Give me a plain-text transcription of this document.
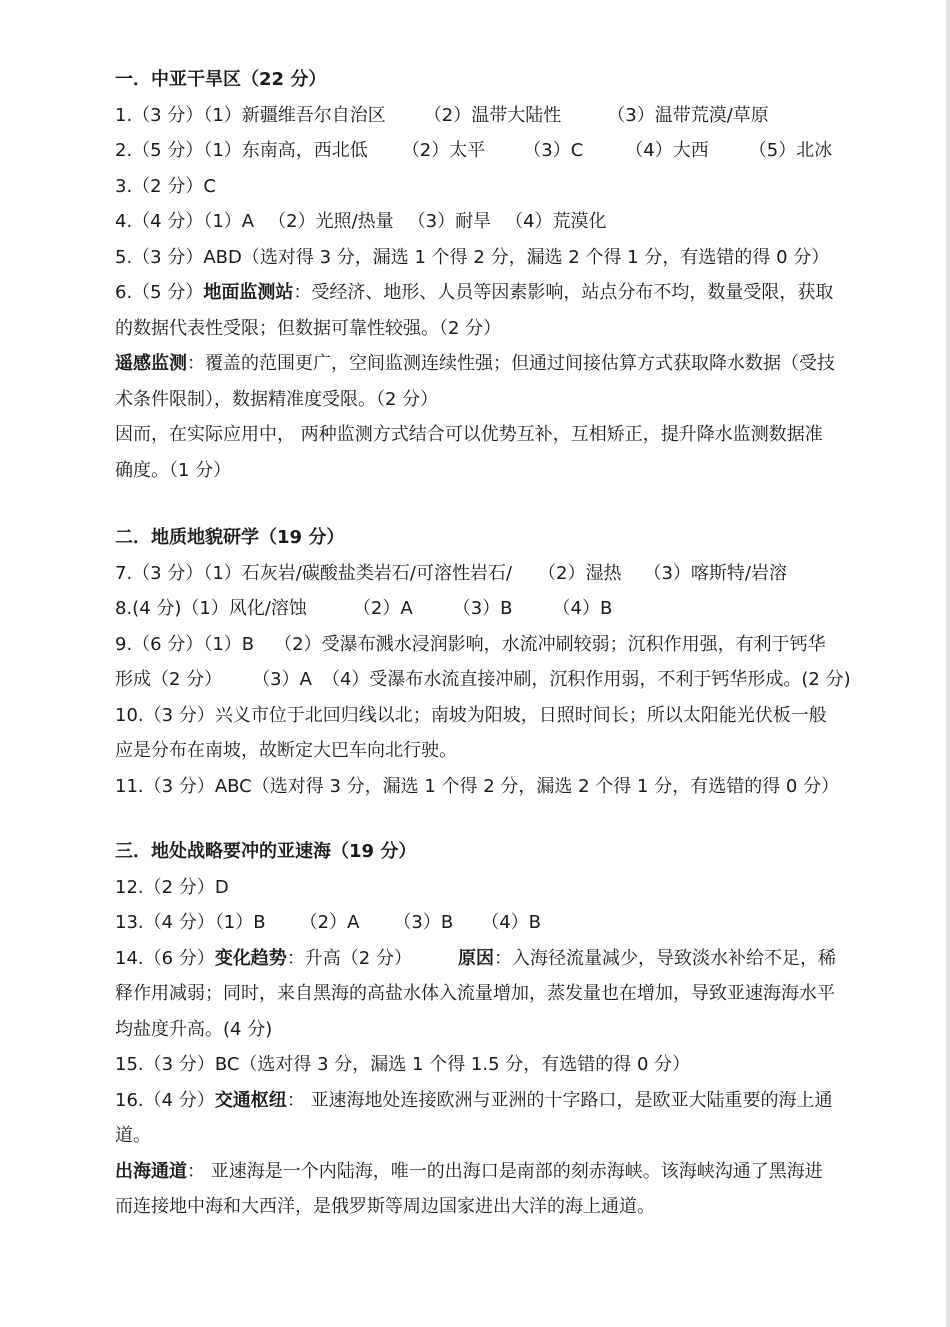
一．中亚干旱区（22 分）
1.（3 分）（1）新疆维吾尔自治区 （2）温带大陆性	（3）温带荒漠/草原
2.（5 分）（1）东南高，西北低 （2）太平 （3）C （4）大西 （5）北冰
3.（2 分）C
4.（4 分）（1）A （2）光照/热量 （3）耐旱 （4）荒漠化
5.（3 分）ABD（选对得 3 分，漏选 1 个得 2 分，漏选 2 个得 1 分，有选错的得 0 分）
6.（5 分）地面监测站：受经济、地形、人员等因素影响，站点分布不均，数量受限，获取
的数据代表性受限；但数据可靠性较强。（2 分）
遥感监测：覆盖的范围更广，空间监测连续性强；但通过间接估算方式获取降水数据（受技
术条件限制），数据精准度受限。（2 分）
因而，在实际应用中， 两种监测方式结合可以优势互补，互相矫正，提升降水监测数据准
确度。（1 分）
二．地质地貌研学（19 分）
7.（3 分）（1）石灰岩/碳酸盐类岩石/可溶性岩石/ （2）湿热 （3）喀斯特/岩溶
8.(4 分)（1）风化/溶蚀	（2）A （3）B （4）B
9.（6 分）（1）B （2）受瀑布溅水浸润影响，水流冲刷较弱；沉积作用强，有利于钙华
形成（2 分） （3）A （4）受瀑布水流直接冲刷，沉积作用弱，不利于钙华形成。(2 分)
10.（3 分）兴义市位于北回归线以北；南坡为阳坡，日照时间长；所以太阳能光伏板一般
应是分布在南坡，故断定大巴车向北行驶。
11.（3 分）ABC（选对得 3 分，漏选 1 个得 2 分，漏选 2 个得 1 分，有选错的得 0 分）
三．地处战略要冲的亚速海（19 分）
12.（2 分）D
13.（4 分）（1）B （2）A （3）B （4）B
14.（6 分）变化趋势：升高（2 分）	原因：入海径流量减少，导致淡水补给不足，稀
释作用减弱；同时，来自黑海的高盐水体入流量增加，蒸发量也在增加，导致亚速海海水平
均盐度升高。(4 分)
15.（3 分）BC（选对得 3 分，漏选 1 个得 1.5 分，有选错的得 0 分）
16.（4 分）交通枢纽： 亚速海地处连接欧洲与亚洲的十字路口，是欧亚大陆重要的海上通
道。
出海通道： 亚速海是一个内陆海，唯一的出海口是南部的刻赤海峡。该海峡沟通了黑海进
而连接地中海和大西洋，是俄罗斯等周边国家进出大洋的海上通道。
